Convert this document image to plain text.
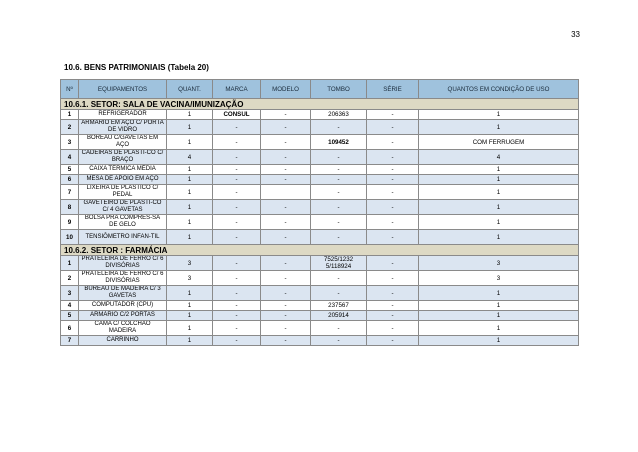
33
10.6. BENS PATRIMONIAIS (Tabela 20)
Nº	EQUIPAMENTOS	QUANT.	MARCA	MODELO	TOMBO	SÉRIE	QUANTOS EM CONDIÇÃO DE USO
10.6.1. SETOR: SALA DE VACINA/IMUNIZAÇÃO							
1	REFRIGERADOR	1	CONSUL	-	206363	-	1
2	ARMÁRIO EM AÇO C/ PORTA DE VIDRO	1	-	-	-	-	1
3	BOREAU C/GAVETAS EM AÇO	1	-	-	109452	-	COM FERRUGEM
4	CADEIRAS DE PLÁSTI-CO C/ BRAÇO	4	-	-	-	-	4
5	CAIXA TÉRMICA MÉDIA	1	-	-	-	-	1
6	MESA DE APOIO EM AÇO	1	-	-	-	-	1
7	LIXEIRA DE PLÁSTICO C/ PEDAL	1	-		-	-	1
8	GAVETEIRO DE PLÁSTI-CO C/ 4 GAVETAS	1	-	-	-	-	1
9	BOLSA PRA COMPRES-SA DE GELO	1	-	-	-	-	1
10	TENSIÔMETRO INFAN-TIL	1	-	-	-	-	1
10.6.2. SETOR : FARMÁCIA							
1	PRATELEIRA DE FERRO C/ 6 DIVISÓRIAS	3	-	-	7525/1232 5/118924	-	3
2	PRATELEIRA DE FERRO C/ 6 DIVISÓRIAS	3	-	-	-	-	3
3	BUREAU DE MADEIRA C/ 3 GAVETAS	1	-	-	-	-	1
4	COMPUTADOR (CPU)	1	-	-	237567	-	1
5	ARMÁRIO C/2 PORTAS	1	-	-	205914	-	1
6	CAMA C/ COLCHÃO MADEIRA	1	-	-	-	-	1
7	CARRINHO	1	-	-	-	-	1
